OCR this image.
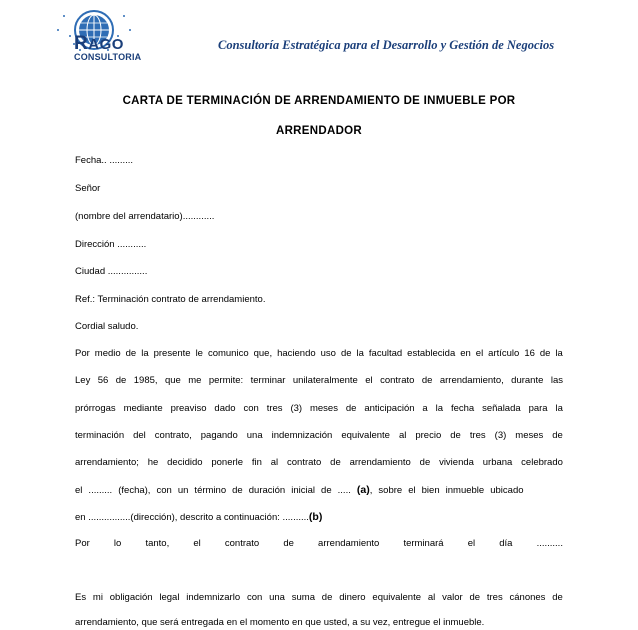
RAGO
CONSULTORIA
Consultoría Estratégica para el Desarrollo y Gestión de Negocios
CARTA DE TERMINACIÓN DE ARRENDAMIENTO DE INMUEBLE POR
ARRENDADOR
Fecha.. .........
Señor
(nombre del arrendatario)............
Dirección ...........
Ciudad ...............
Ref.: Terminación contrato de arrendamiento.
Cordial saludo.
Por medio de la presente le comunico que, haciendo uso de la facultad establecida en el artículo 16 de la
Ley 56 de 1985, que me permite: terminar unilateralmente el contrato de arrendamiento, durante las
prórrogas mediante preaviso dado con tres (3) meses de anticipación a la fecha señalada para la
terminación del contrato, pagando una indemnización equivalente al precio de tres (3) meses de
arrendamiento; he decidido ponerle fin al contrato de arrendamiento de vivienda urbana celebrado
el ......... (fecha), con un término de duración inicial de ..... (a), sobre el bien inmueble ubicado
en ................(dirección), descrito a continuación: ..........(b)
Por	lo	tanto,	el	contrato	de	arrendamiento	terminará	el	día	..........
Es mi obligación legal indemnizarlo con una suma de dinero equivalente al valor de tres cánones de
arrendamiento, que será entregada en el momento en que usted, a su vez, entregue el inmueble.
